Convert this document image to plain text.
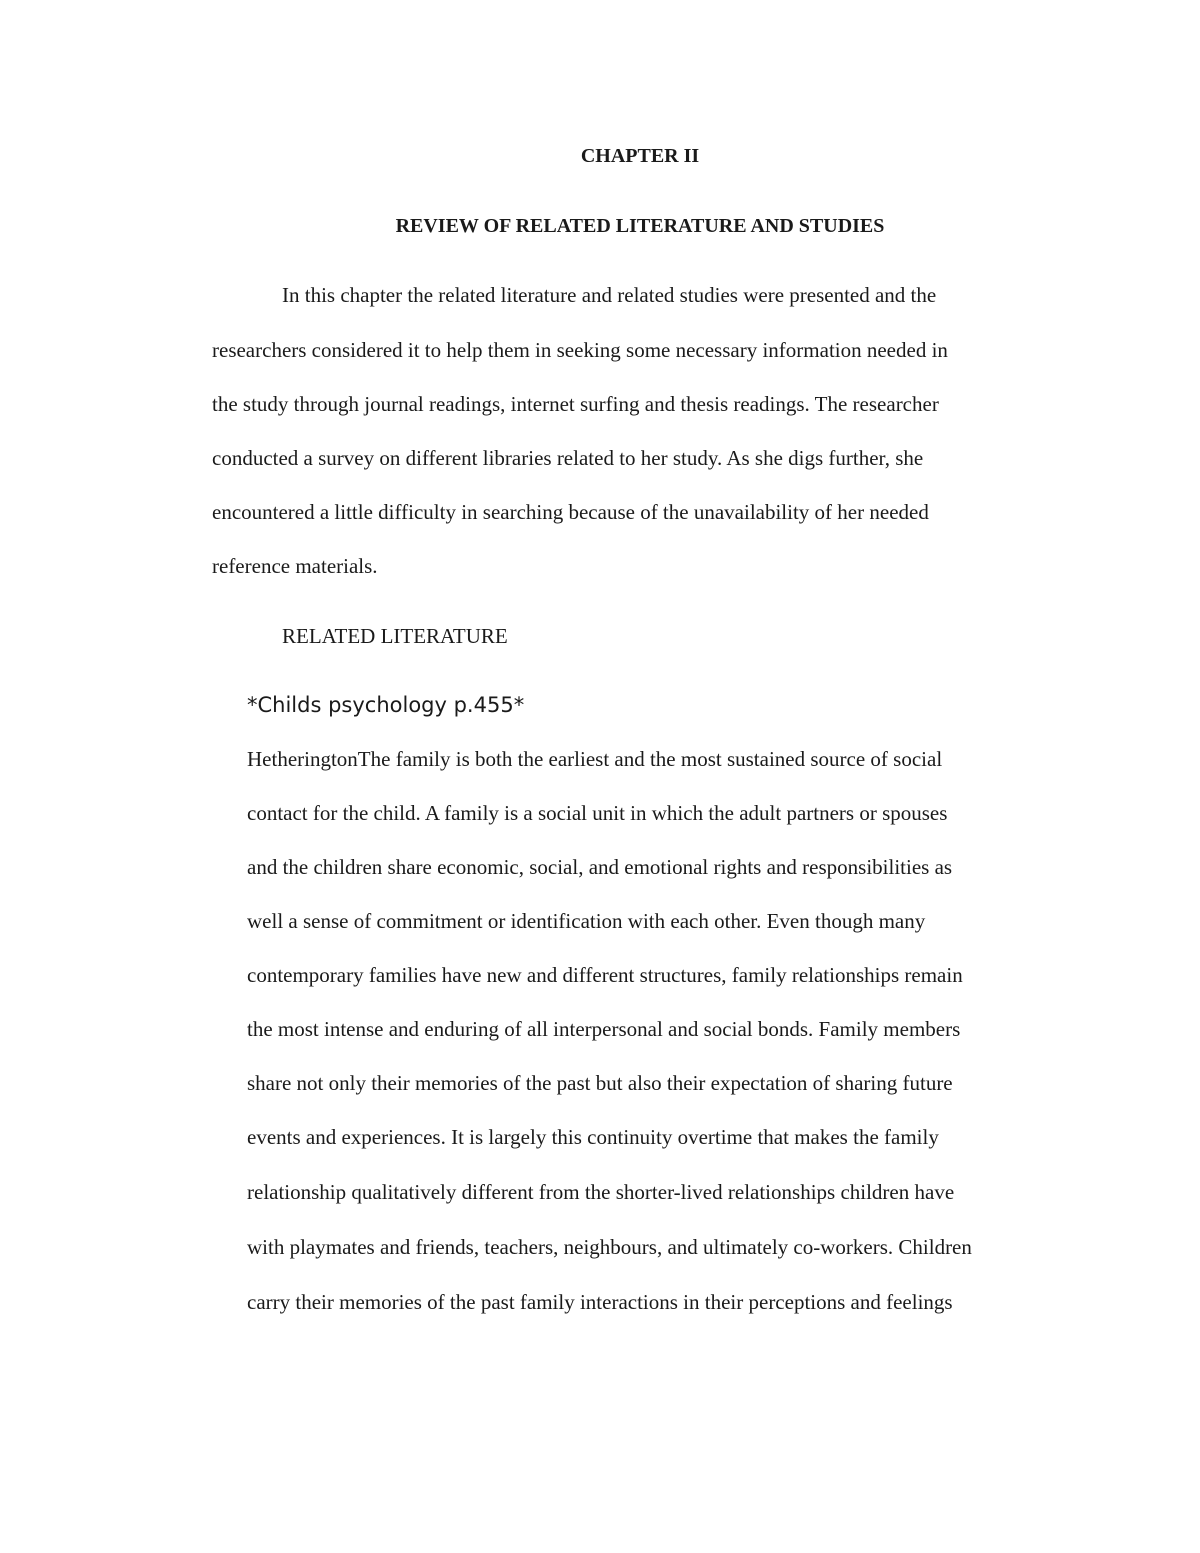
CHAPTER II
REVIEW OF RELATED LITERATURE AND STUDIES
In this chapter the related literature and related studies were presented and the
researchers considered it to help them in seeking some necessary information needed in
the study through journal readings, internet surfing and thesis readings. The researcher
conducted a survey on different libraries related to her study. As she digs further, she
encountered a little difficulty in searching because of the unavailability of her needed
reference materials.
RELATED LITERATURE
*Childs psychology p.455*
HetheringtonThe family is both the earliest and the most sustained source of social
contact for the child. A family is a social unit in which the adult partners or spouses
and the children share economic, social, and emotional rights and responsibilities as
well a sense of commitment or identification with each other. Even though many
contemporary families have new and different structures, family relationships remain
the most intense and enduring of all interpersonal and social bonds. Family members
share not only their memories of the past but also their expectation of sharing future
events and experiences. It is largely this continuity overtime that makes the family
relationship qualitatively different from the shorter-lived relationships children have
with playmates and friends, teachers, neighbours, and ultimately co-workers. Children
carry their memories of the past family interactions in their perceptions and feelings
